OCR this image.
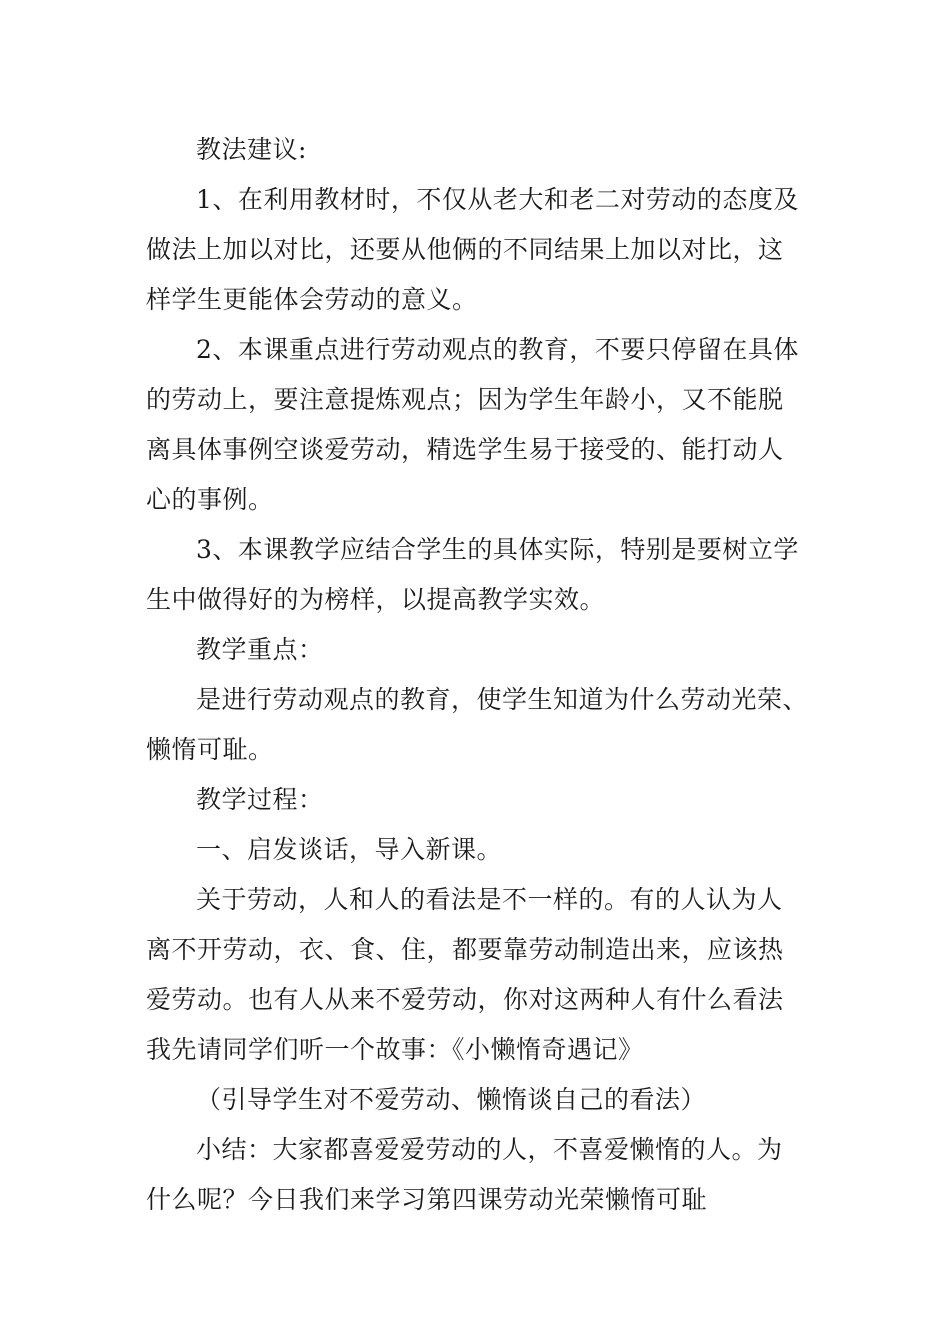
教法建议:
1、在利用教材时，不仅从老大和老二对劳动的态度及
做法上加以对比，还要从他俩的不同结果上加以对比，这
样学生更能体会劳动的意义。
2、本课重点进行劳动观点的教育，不要只停留在具体
的劳动上，要注意提炼观点；因为学生年龄小，又不能脱
离具体事例空谈爱劳动，精选学生易于接受的、能打动人
心的事例。
3、本课教学应结合学生的具体实际，特别是要树立学
生中做得好的为榜样，以提高教学实效。
教学重点：
是进行劳动观点的教育，使学生知道为什么劳动光荣、
懒惰可耻。
教学过程：
一、启发谈话，导入新课。
关于劳动，人和人的看法是不一样的。有的人认为人
离不开劳动，衣、食、住，都要靠劳动制造出来，应该热
爱劳动。也有人从来不爱劳动，你对这两种人有什么看法
我先请同学们听一个故事：《小懒惰奇遇记》
（引导学生对不爱劳动、懒惰谈自己的看法）
小结：大家都喜爱爱劳动的人，不喜爱懒惰的人。为
什么呢？今日我们来学习第四课劳动光荣懒惰可耻
